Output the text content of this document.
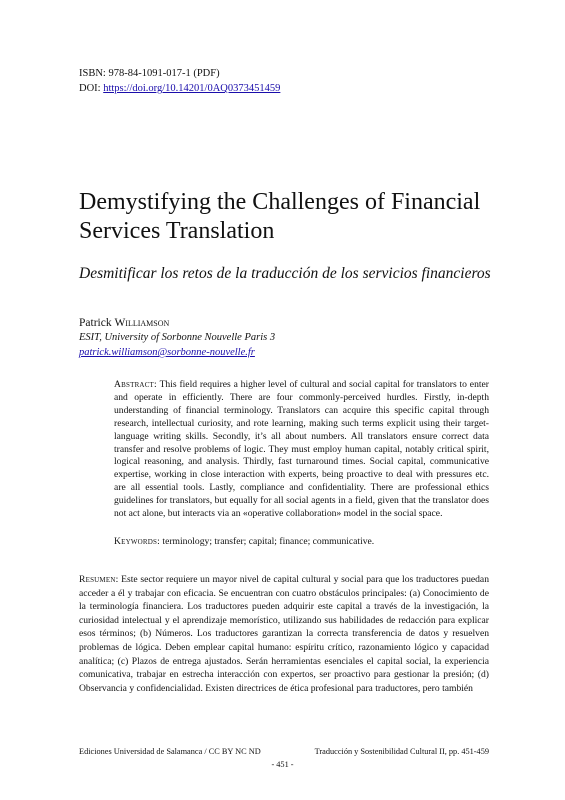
ISBN: 978-84-1091-017-1 (PDF)
DOI: https://doi.org/10.14201/0AQ0373451459
Demystifying the Challenges of Financial Services Translation

Desmitificar los retos de la traducción de los servicios financieros

Patrick Williamson
ESIT, University of Sorbonne Nouvelle Paris 3
patrick.williamson@sorbonne-nouvelle.fr

Abstract: This field requires a higher level of cultural and social capital for translators to enter and operate in efficiently. There are four commonly-perceived hurdles. Firstly, in-depth understanding of financial terminology. Translators can acquire this specific capital through research, intellectual curiosity, and rote learning, making such terms explicit using their target-language writing skills. Secondly, it’s all about numbers. All translators ensure correct data transfer and resolve problems of logic. They must employ human capital, notably critical spirit, logical reasoning, and analysis. Thirdly, fast turnaround times. Social capital, communicative expertise, working in close interaction with experts, being proactive to deal with pressures etc. are all essential tools. Lastly, compliance and confidentiality. There are professional ethics guidelines for translators, but equally for all social agents in a field, given that the translator does not act alone, but interacts via an «operative collaboration» model in the social space.

Keywords: terminology; transfer; capital; finance; communicative.

Resumen: Este sector requiere un mayor nivel de capital cultural y social para que los traductores puedan acceder a él y trabajar con eficacia. Se encuentran con cuatro obstáculos principales: (a) Conocimiento de la terminología financiera. Los traductores pueden adquirir este capital a través de la investigación, la curiosidad intelectual y el aprendizaje memorístico, utilizando sus habilidades de redacción para explicar esos términos; (b) Números. Los traductores garantizan la correcta transferencia de datos y resuelven problemas de lógica. Deben emplear capital humano: espíritu crítico, razonamiento lógico y capacidad analítica; (c) Plazos de entrega ajustados. Serán herramientas esenciales el capital social, la experiencia comunicativa, trabajar en estrecha interacción con expertos, ser proactivo para gestionar la presión; (d) Observancia y confidencialidad. Existen directrices de ética profesional para traductores, pero también

Ediciones Universidad de Salamanca / CC BY NC ND	Traducción y Sostenibilidad Cultural II, pp. 451-459
- 451 -
